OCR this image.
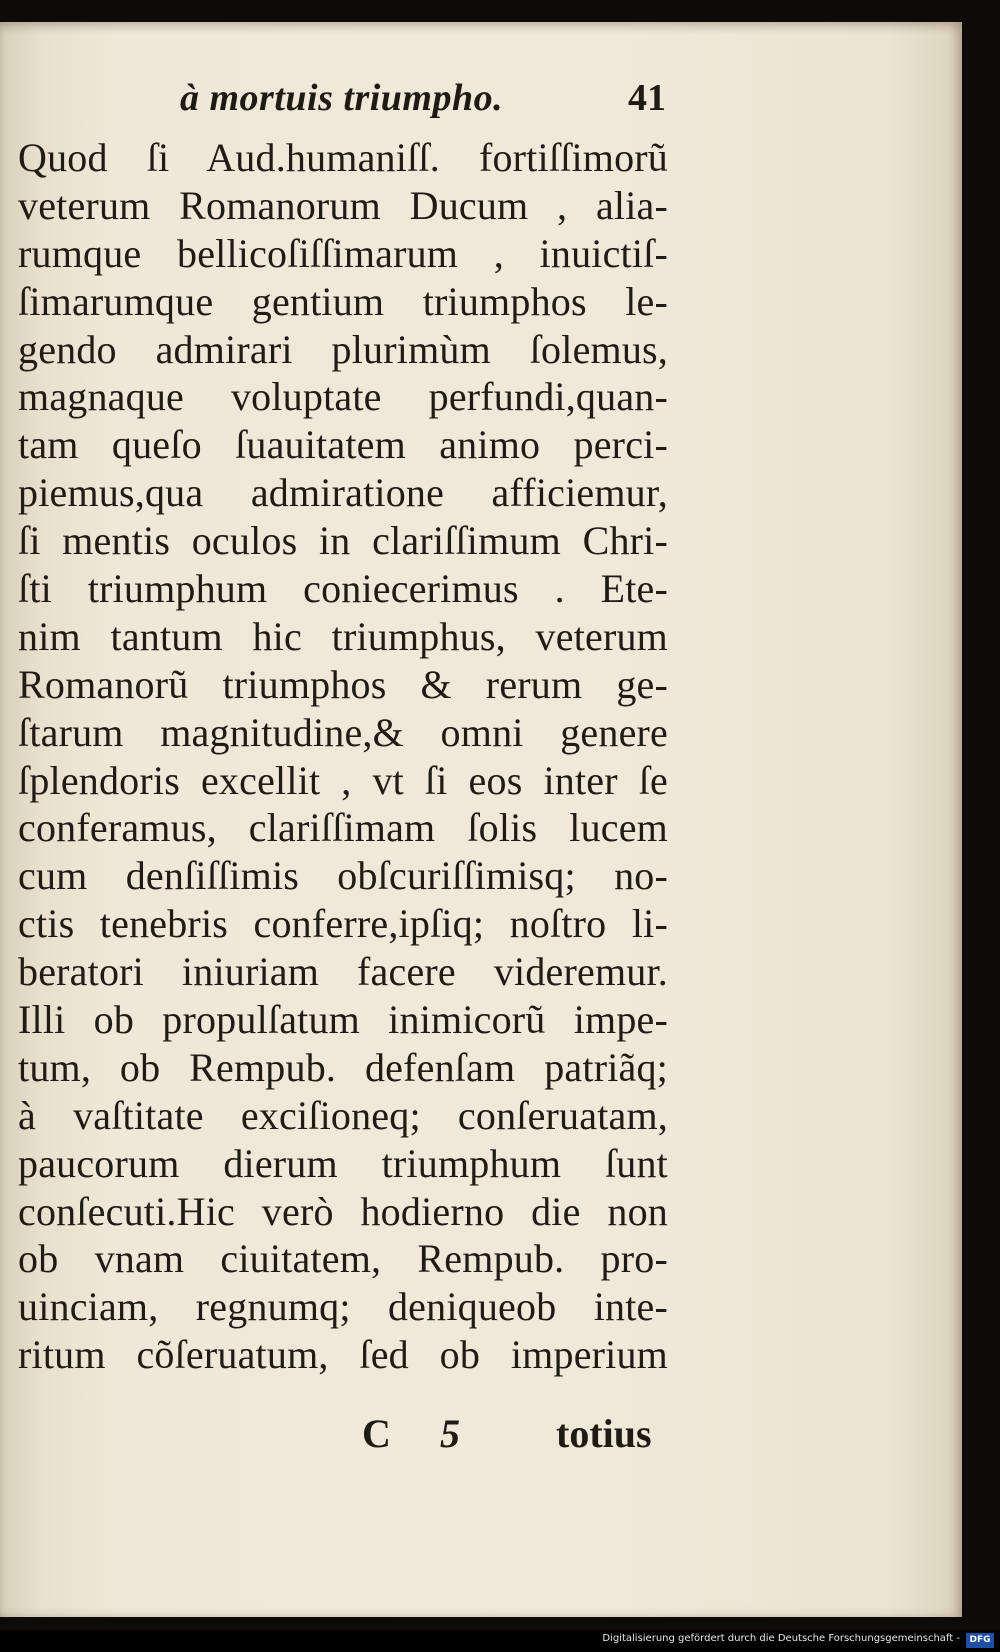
à mortuis triumpho.	41
Quod ſi Aud.humaniſſ. fortiſſimorũ
veterum Romanorum Ducum , alia-
rumque bellicoſiſſimarum , inuictiſ-
ſimarumque gentium triumphos le-
gendo admirari plurimùm ſolemus,
magnaque voluptate perfundi,quan-
tam queſo ſuauitatem animo perci-
piemus,qua admiratione afficiemur,
ſi mentis oculos in clariſſimum Chri-
ſti triumphum coniecerimus . Ete-
nim tantum hic triumphus, veterum
Romanorũ triumphos & rerum ge-
ſtarum magnitudine,& omni genere
ſplendoris excellit , vt ſi eos inter ſe
conferamus, clariſſimam ſolis lucem
cum denſiſſimis obſcuriſſimisq; no-
ctis tenebris conferre,ipſiq; noſtro li-
beratori iniuriam facere videremur.
Illi ob propulſatum inimicorũ impe-
tum, ob Rempub. defenſam patriãq;
à vaſtitate exciſioneq; conſeruatam,
paucorum dierum triumphum ſunt
conſecuti.Hic verò hodierno die non
ob vnam ciuitatem, Rempub. pro-
uinciam, regnumq; deniqueob inte-
ritum cõſeruatum, ſed ob imperium
C 5 totius
Digitalisierung gefördert durch die Deutsche Forschungsgemeinschaft -	DFG
